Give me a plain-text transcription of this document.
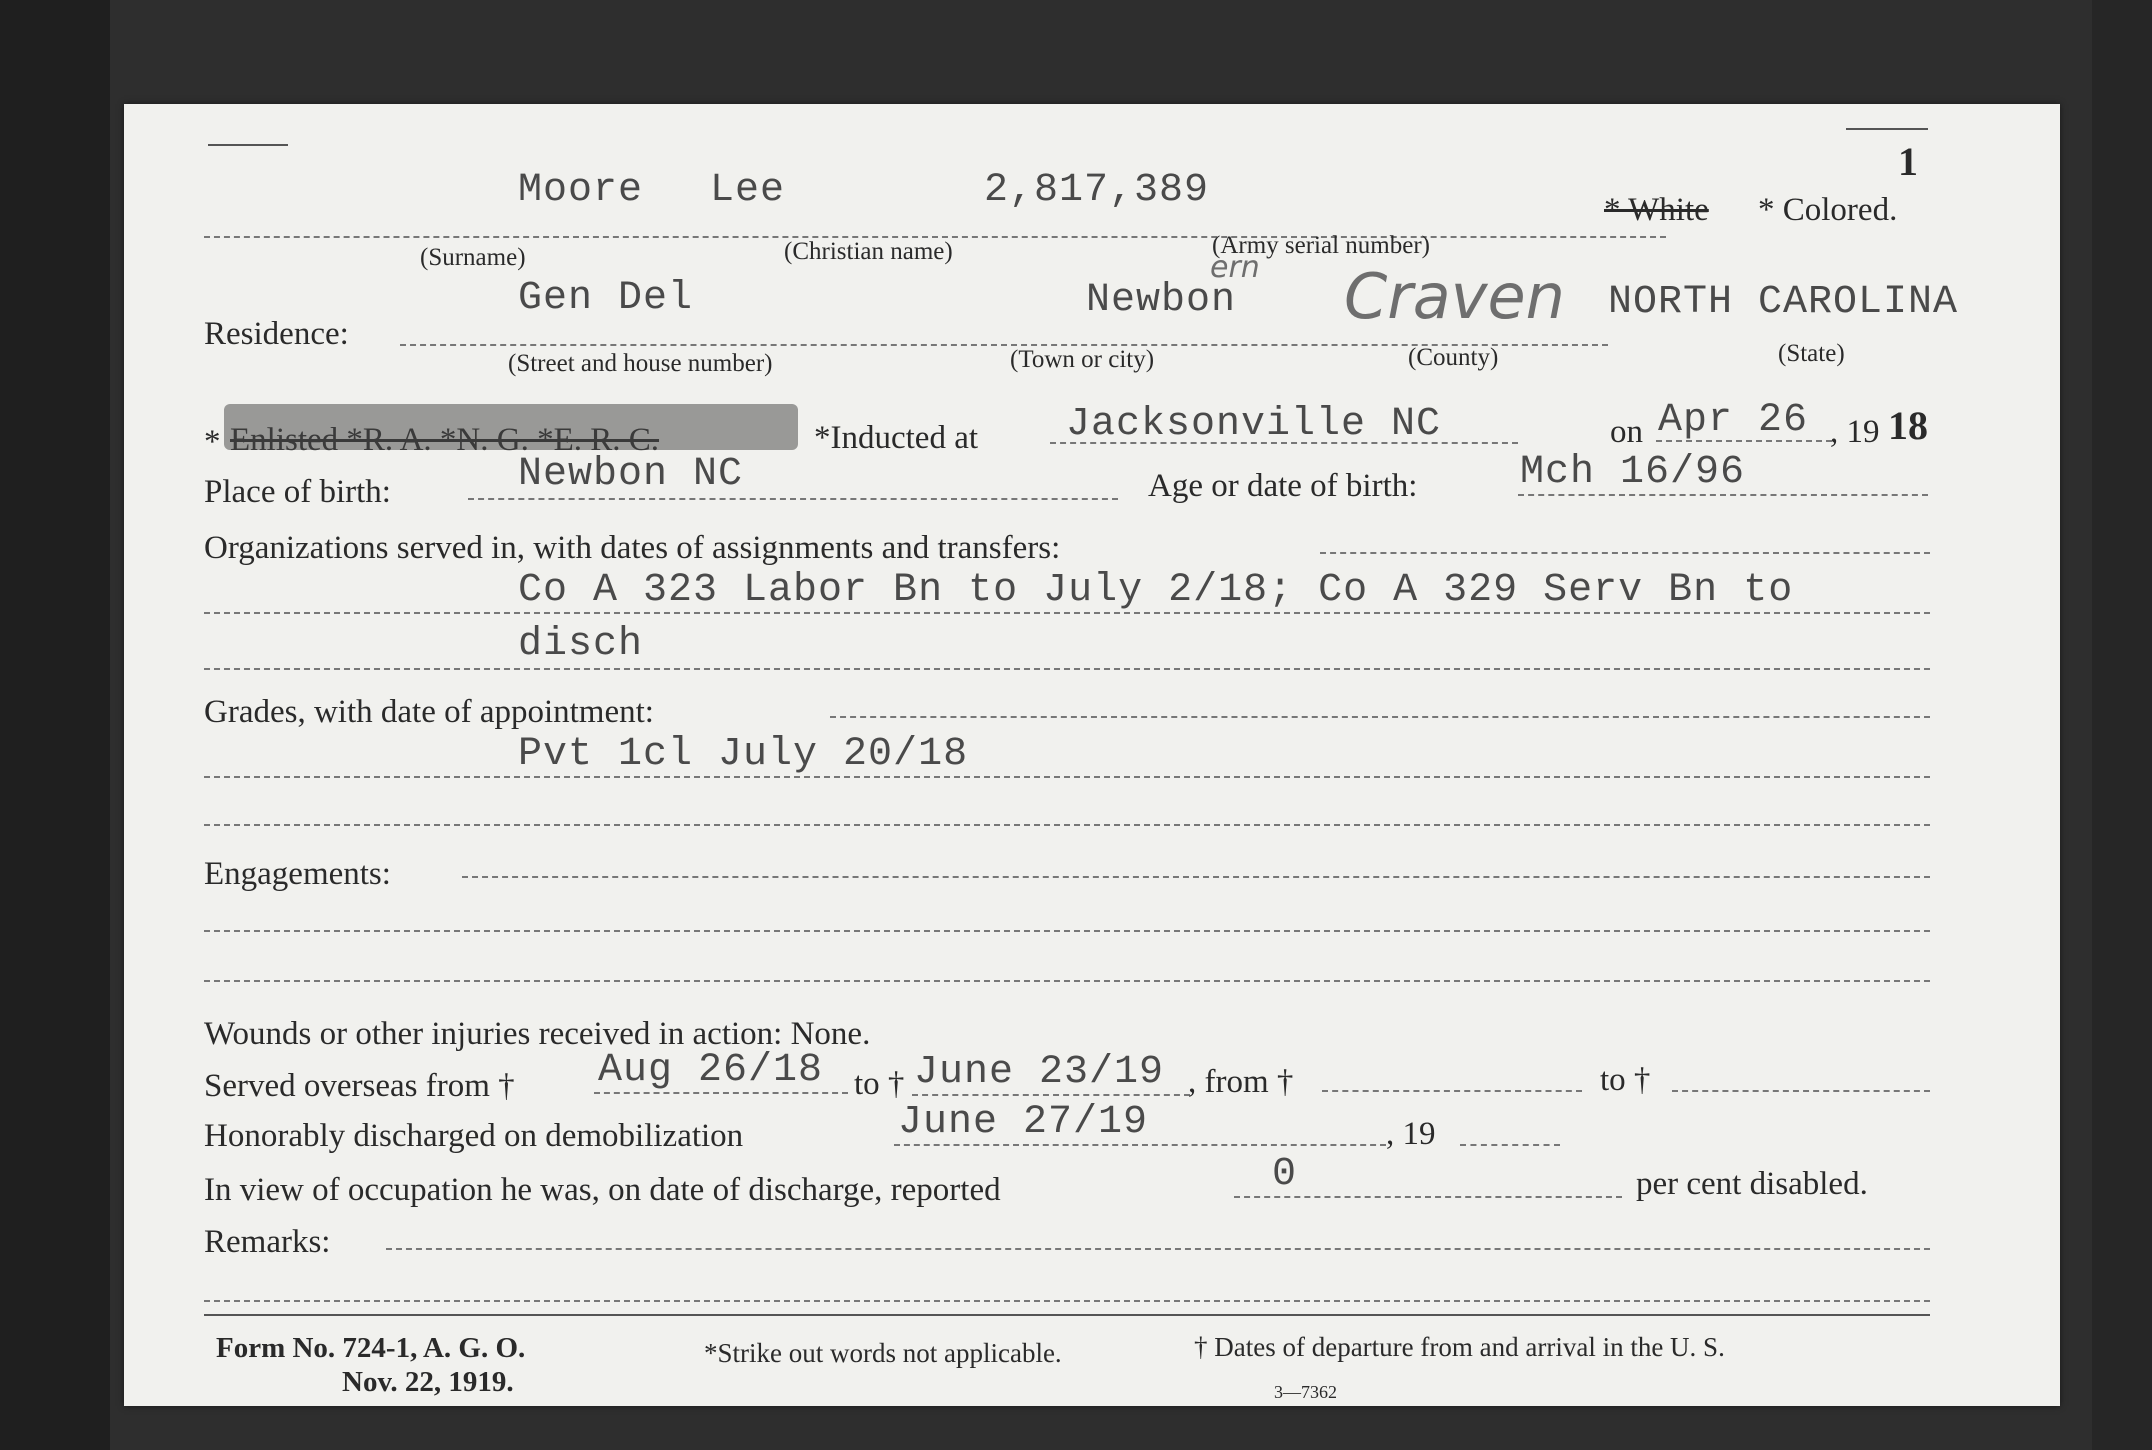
1
Moore Lee	2,817,389	* White * Colored.
(Surname)	(Christian name)	(Army serial number)
Residence:
Gen Del	Newbon
ern Craven NORTH CAROLINA
(Street and house number)	(Town or city)	(County)	(State)
* Enlisted *R. A. *N. G. *E. R. C.	*Inducted at Jacksonville NC	on Apr 26 , 19 18
Place of birth:	Newbon NC	Age or date of birth:	Mch 16/96
Organizations served in, with dates of assignments and transfers:
Co A 323 Labor Bn to July 2/18; Co A 329 Serv Bn to
disch
Grades, with date of appointment:
Pvt 1cl July 20/18
Engagements:
Wounds or other injuries received in action: None.
Served overseas from † Aug 26/18 to † June 23/19 , from †	to †
Honorably discharged on demobilization	June 27/19	, 19
In view of occupation he was, on date of discharge, reported	0	per cent disabled.
Remarks:
Form No. 724-1, A. G. O.
Nov. 22, 1919.
*Strike out words not applicable.	† Dates of departure from and arrival in the U. S.
3—7362
